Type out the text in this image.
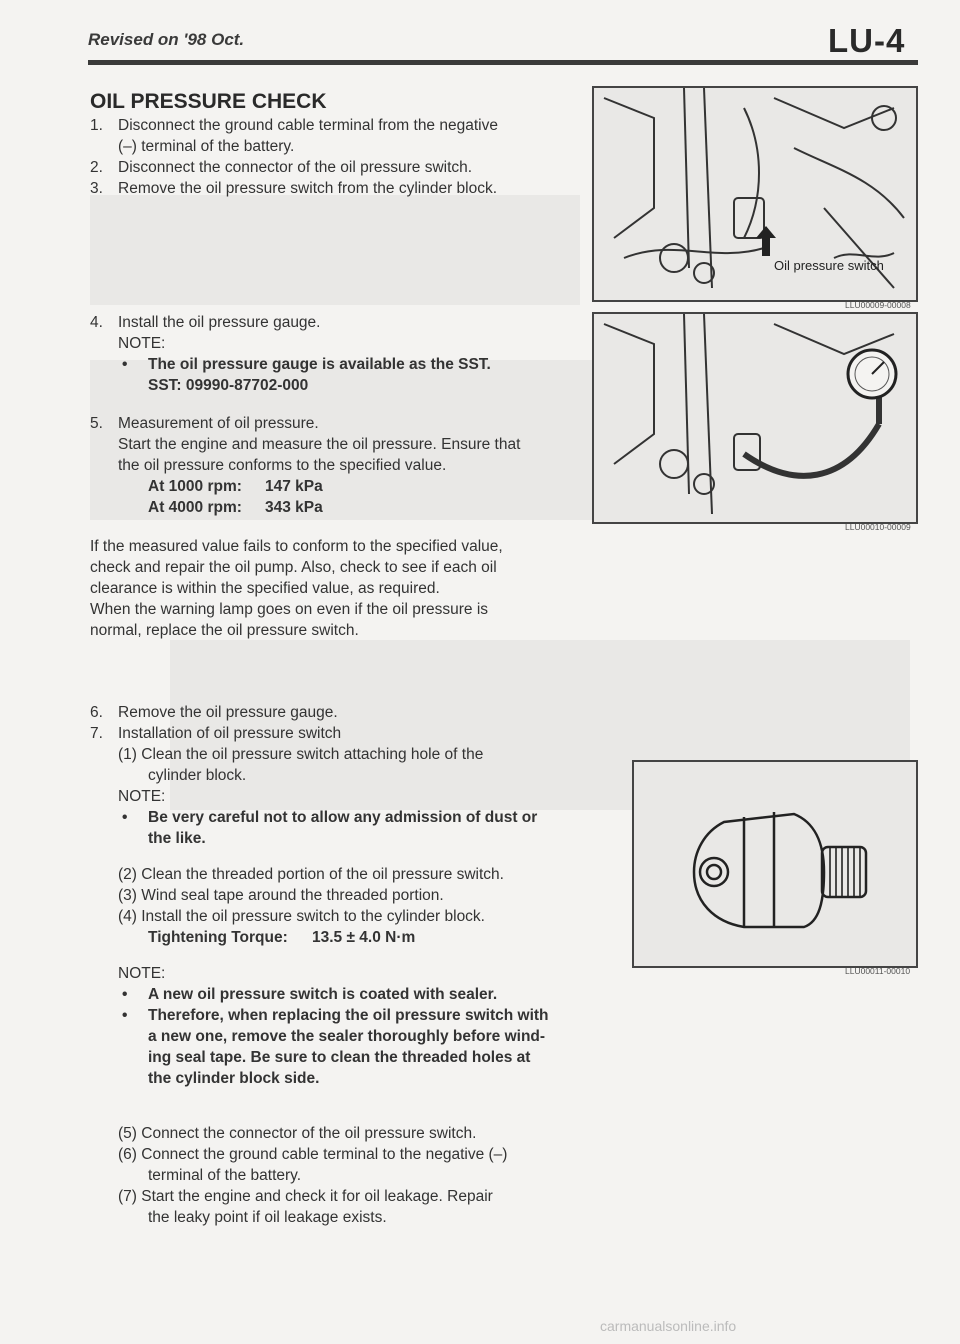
Revised on '98 Oct.	LU-4
OIL PRESSURE CHECK
1. Disconnect the ground cable terminal from the negative
(–) terminal of the battery.
2. Disconnect the connector of the oil pressure switch.
3. Remove the oil pressure switch from the cylinder block.
4. Install the oil pressure gauge.
NOTE:
• The oil pressure gauge is available as the SST.
SST: 09990-87702-000
5. Measurement of oil pressure.
Start the engine and measure the oil pressure. Ensure that
the oil pressure conforms to the specified value.
At 1000 rpm: 147 kPa
At 4000 rpm: 343 kPa
If the measured value fails to conform to the specified value,
check and repair the oil pump. Also, check to see if each oil
clearance is within the specified value, as required.
When the warning lamp goes on even if the oil pressure is
normal, replace the oil pressure switch.
6. Remove the oil pressure gauge.
7. Installation of oil pressure switch
(1) Clean the oil pressure switch attaching hole of the
cylinder block.
NOTE:
• Be very careful not to allow any admission of dust or
the like.
(2) Clean the threaded portion of the oil pressure switch.
(3) Wind seal tape around the threaded portion.
(4) Install the oil pressure switch to the cylinder block.
Tightening Torque: 13.5 ± 4.0 N·m
NOTE:
• A new oil pressure switch is coated with sealer.
• Therefore, when replacing the oil pressure switch with
a new one, remove the sealer thoroughly before wind-
ing seal tape. Be sure to clean the threaded holes at
the cylinder block side.
(5) Connect the connector of the oil pressure switch.
(6) Connect the ground cable terminal to the negative (–)
terminal of the battery.
(7) Start the engine and check it for oil leakage. Repair
the leaky point if oil leakage exists.
Oil pressure switch
LLU00009-00008
LLU00010-00009
LLU00011-00010
carmanualsonline.info
